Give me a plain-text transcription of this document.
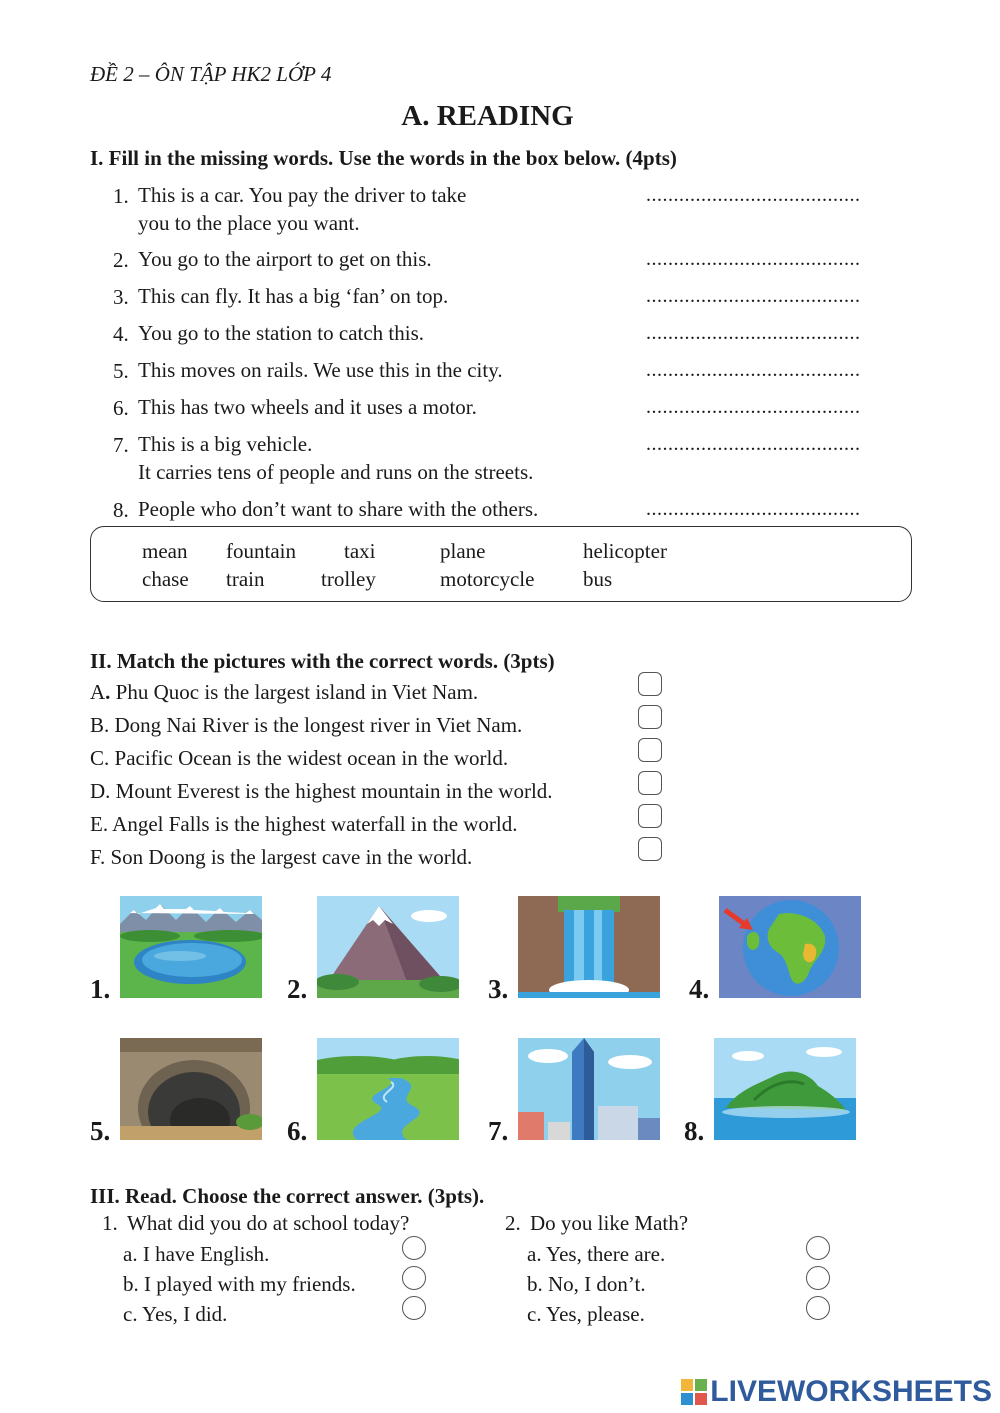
ĐỀ 2 – ÔN TẬP HK2 LỚP 4
A. READING
I. Fill in the missing words. Use the words in the box below. (4pts)
1. This is a car. You pay the driver to take
you to the place you want.
.......................................
2. You go to the airport to get on this.	.......................................
3. This can fly. It has a big ‘fan’ on top.	.......................................
4. You go to the station to catch this.	.......................................
5. This moves on rails. We use this in the city.	.......................................
6. This has two wheels and it uses a motor.	.......................................
7. This is a big vehicle.
It carries tens of people and runs on the streets.
.......................................
8. People who don’t want to share with the others.	.......................................
mean fountain taxi	plane	helicopter
chase train	trolley	motorcycle bus
II. Match the pictures with the correct words. (3pts)
A. Phu Quoc is the largest island in Viet Nam.
B. Dong Nai River is the longest river in Viet Nam.
C. Pacific Ocean is the widest ocean in the world.
D. Mount Everest is the highest mountain in the world.
E. Angel Falls is the highest waterfall in the world.
F. Son Doong is the largest cave in the world.
1.	2.	3.	4.
5.	6.	7.	8.
III. Read. Choose the correct answer. (3pts).
1. What did you do at school today?
a. I have English.
b. I played with my friends.
c. Yes, I did.
2. Do you like Math?
a. Yes, there are.
b. No, I don’t.
c. Yes, please.
LIVEWORKSHEETS
